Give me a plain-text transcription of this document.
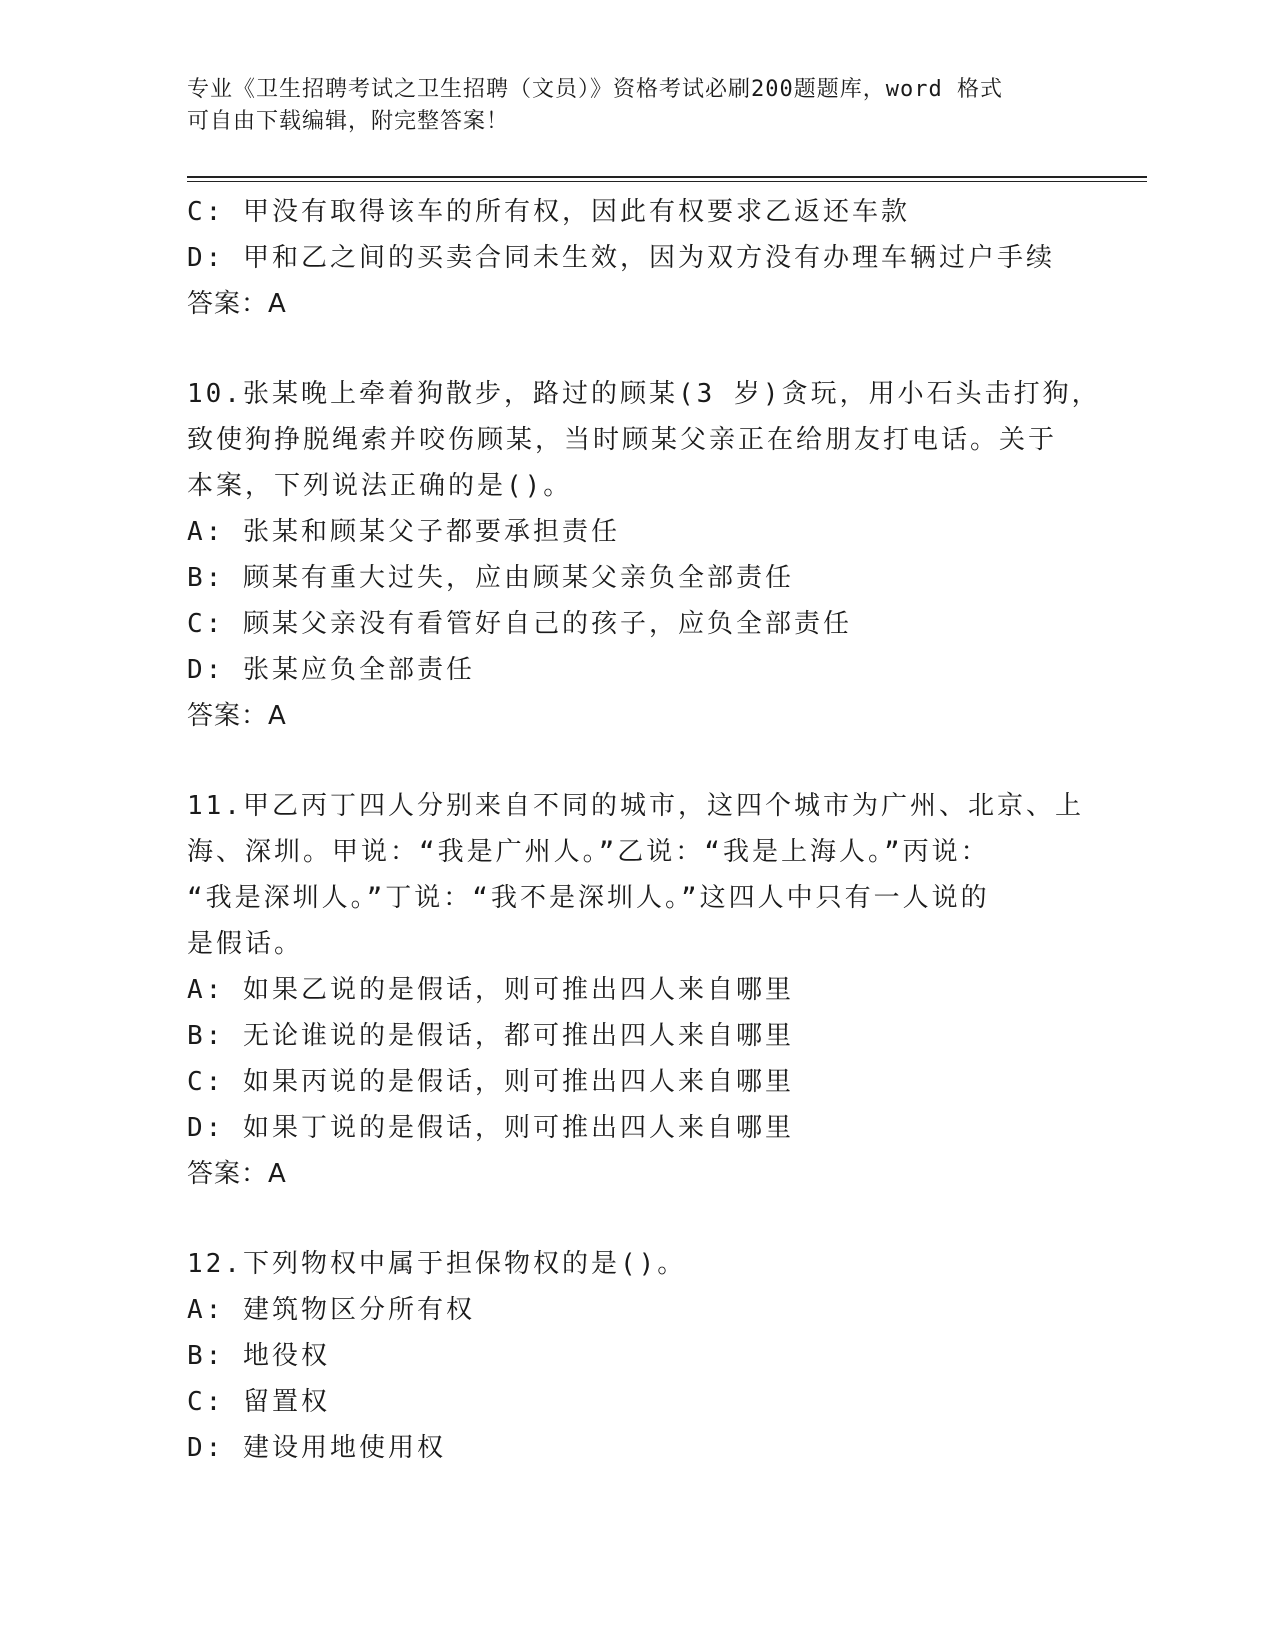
专业《卫生招聘考试之卫生招聘（文员）》资格考试必刷200题题库，word 格式
可自由下载编辑，附完整答案！
C: 甲没有取得该车的所有权，因此有权要求乙返还车款
D: 甲和乙之间的买卖合同未生效，因为双方没有办理车辆过户手续
答案：A
10.张某晚上牵着狗散步，路过的顾某(3 岁)贪玩，用小石头击打狗，
致使狗挣脱绳索并咬伤顾某，当时顾某父亲正在给朋友打电话。关于
本案，下列说法正确的是()。
A: 张某和顾某父子都要承担责任
B: 顾某有重大过失，应由顾某父亲负全部责任
C: 顾某父亲没有看管好自己的孩子，应负全部责任
D: 张某应负全部责任
答案：A
11.甲乙丙丁四人分别来自不同的城市，这四个城市为广州、北京、上
海、深圳。甲说：“我是广州人。”乙说：“我是上海人。”丙说：
“我是深圳人。”丁说：“我不是深圳人。”这四人中只有一人说的
是假话。
A: 如果乙说的是假话，则可推出四人来自哪里
B: 无论谁说的是假话，都可推出四人来自哪里
C: 如果丙说的是假话，则可推出四人来自哪里
D: 如果丁说的是假话，则可推出四人来自哪里
答案：A
12.下列物权中属于担保物权的是()。
A: 建筑物区分所有权
B: 地役权
C: 留置权
D: 建设用地使用权
